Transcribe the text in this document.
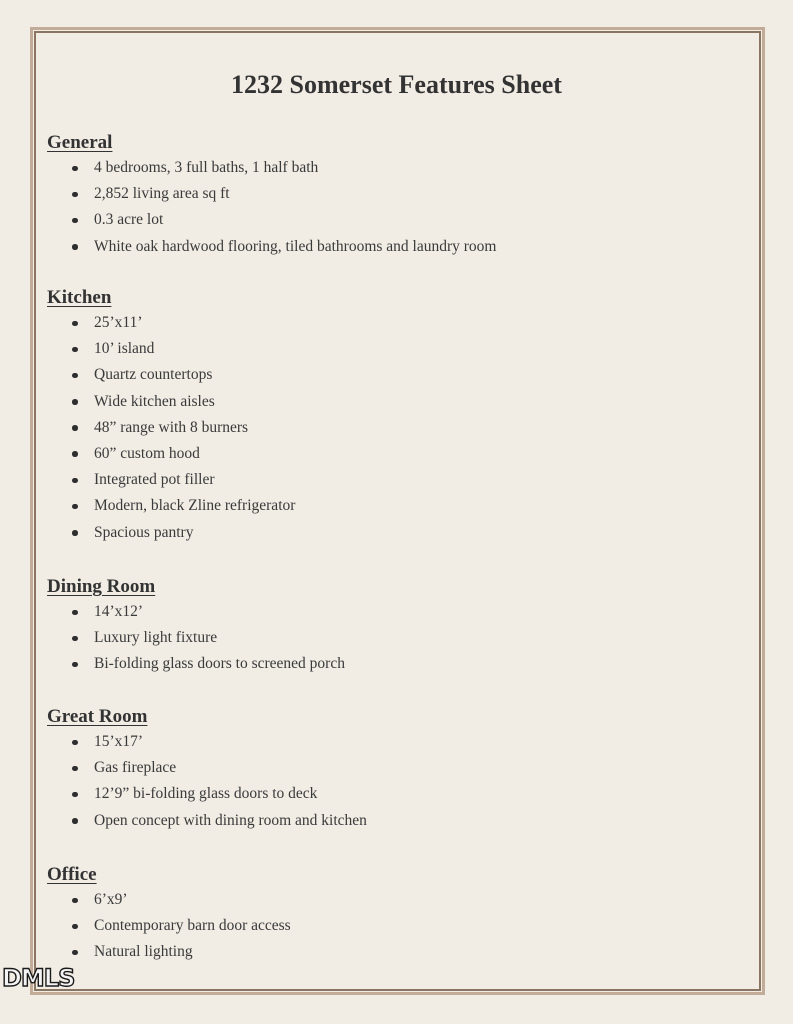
1232 Somerset Features Sheet
General
4 bedrooms, 3 full baths, 1 half bath
2,852 living area sq ft
0.3 acre lot
White oak hardwood flooring, tiled bathrooms and laundry room
Kitchen
25’x11’
10’ island
Quartz countertops
Wide kitchen aisles
48” range with 8 burners
60” custom hood
Integrated pot filler
Modern, black Zline refrigerator
Spacious pantry
Dining Room
14’x12’
Luxury light fixture
Bi-folding glass doors to screened porch
Great Room
15’x17’
Gas fireplace
12’9” bi-folding glass doors to deck
Open concept with dining room and kitchen
Office
6’x9’
Contemporary barn door access
Natural lighting
DMLS
